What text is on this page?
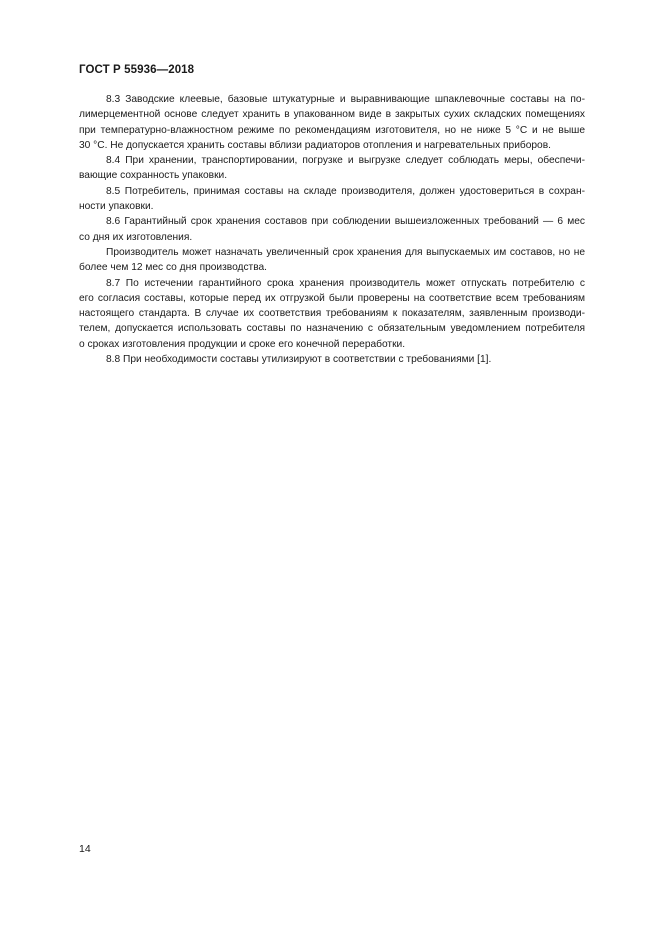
ГОСТ Р 55936—2018
8.3 Заводские клеевые, базовые штукатурные и выравнивающие шпаклевочные составы на по-
лимерцементной основе следует хранить в упакованном виде в закрытых сухих складских помещениях
при температурно-влажностном режиме по рекомендациям изготовителя, но не ниже 5 °С и не выше
30 °С. Не допускается хранить составы вблизи радиаторов отопления и нагревательных приборов.
8.4 При хранении, транспортировании, погрузке и выгрузке следует соблюдать меры, обеспечи-
вающие сохранность упаковки.
8.5 Потребитель, принимая составы на складе производителя, должен удостовериться в сохран-
ности упаковки.
8.6 Гарантийный срок хранения составов при соблюдении вышеизложенных требований — 6 мес
со дня их изготовления.
Производитель может назначать увеличенный срок хранения для выпускаемых им составов, но не
более чем 12 мес со дня производства.
8.7 По истечении гарантийного срока хранения производитель может отпускать потребителю с
его согласия составы, которые перед их отгрузкой были проверены на соответствие всем требованиям
настоящего стандарта. В случае их соответствия требованиям к показателям, заявленным производи-
телем, допускается использовать составы по назначению с обязательным уведомлением потребителя
о сроках изготовления продукции и сроке его конечной переработки.
8.8 При необходимости составы утилизируют в соответствии с требованиями [1].
14
